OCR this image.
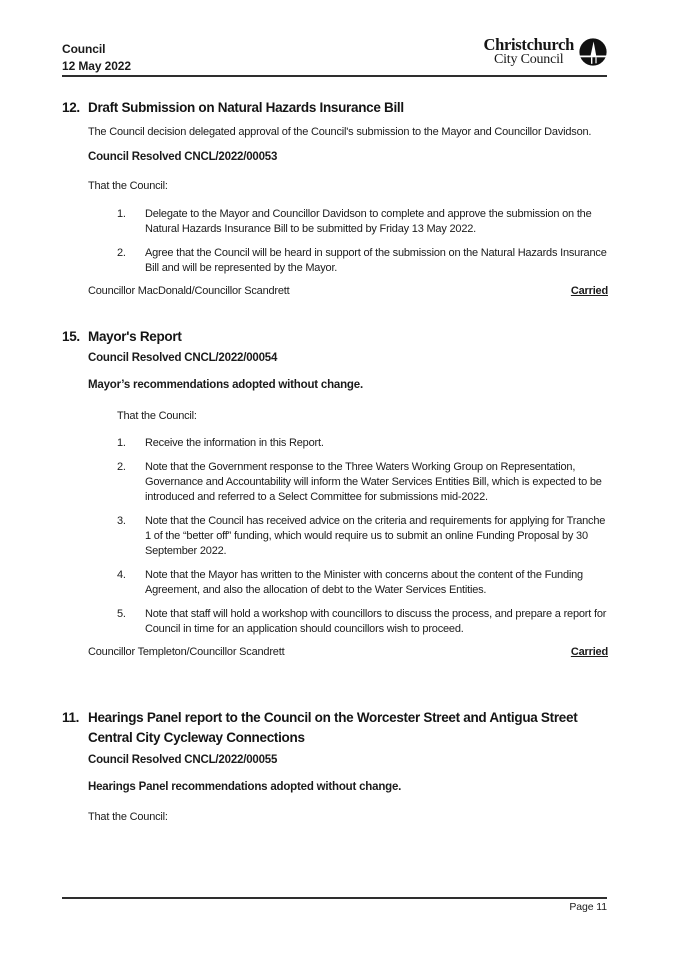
Council
12 May 2022
Christchurch
City Council
12. Draft Submission on Natural Hazards Insurance Bill
The Council decision delegated approval of the Council's submission to the Mayor and Councillor Davidson.
Council Resolved CNCL/2022/00053
That the Council:
1.	Delegate to the Mayor and Councillor Davidson to complete and approve the submission on the Natural Hazards Insurance Bill to be submitted by Friday 13 May 2022.
2.	Agree that the Council will be heard in support of the submission on the Natural Hazards Insurance Bill and will be represented by the Mayor.
Councillor MacDonald/Councillor Scandrett	Carried
15. Mayor's Report
Council Resolved CNCL/2022/00054
Mayor’s recommendations adopted without change.
That the Council:
1.	Receive the information in this Report.
2.	Note that the Government response to the Three Waters Working Group on Representation, Governance and Accountability will inform the Water Services Entities Bill, which is expected to be introduced and referred to a Select Committee for submissions mid-2022.
3.	Note that the Council has received advice on the criteria and requirements for applying for Tranche 1 of the “better off” funding, which would require us to submit an online Funding Proposal by 30 September 2022.
4.	Note that the Mayor has written to the Minister with concerns about the content of the Funding Agreement, and also the allocation of debt to the Water Services Entities.
5.	Note that staff will hold a workshop with councillors to discuss the process, and prepare a report for Council in time for an application should councillors wish to proceed.
Councillor Templeton/Councillor Scandrett	Carried
11. Hearings Panel report to the Council on the Worcester Street and Antigua Street Central City Cycleway Connections
Council Resolved CNCL/2022/00055
Hearings Panel recommendations adopted without change.
That the Council:
Page 11
